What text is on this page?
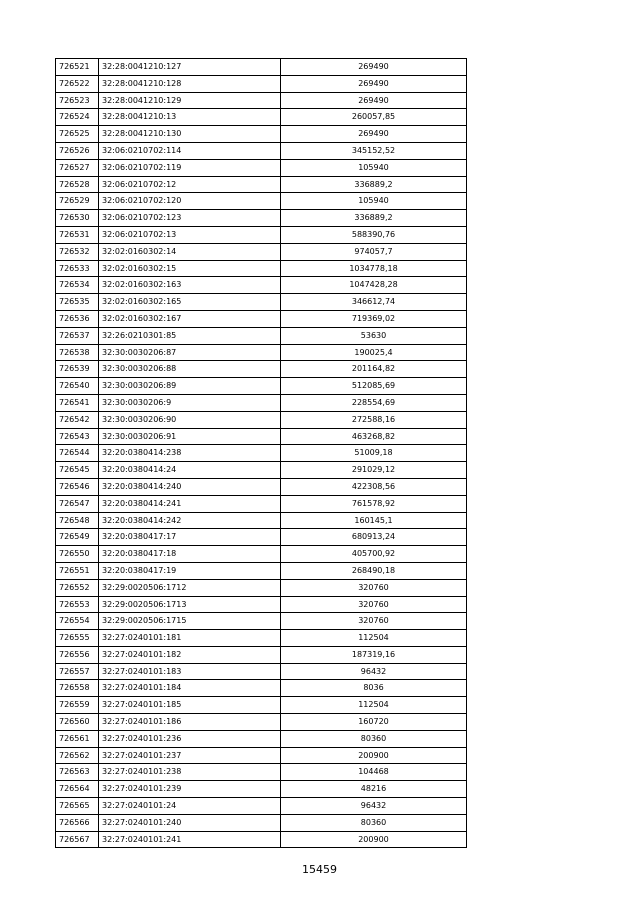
726521	32:28:0041210:127	269490
726522	32:28:0041210:128	269490
726523	32:28:0041210:129	269490
726524	32:28:0041210:13	260057,85
726525	32:28:0041210:130	269490
726526	32:06:0210702:114	345152,52
726527	32:06:0210702:119	105940
726528	32:06:0210702:12	336889,2
726529	32:06:0210702:120	105940
726530	32:06:0210702:123	336889,2
726531	32:06:0210702:13	588390,76
726532	32:02:0160302:14	974057,7
726533	32:02:0160302:15	1034778,18
726534	32:02:0160302:163	1047428,28
726535	32:02:0160302:165	346612,74
726536	32:02:0160302:167	719369,02
726537	32:26:0210301:85	53630
726538	32:30:0030206:87	190025,4
726539	32:30:0030206:88	201164,82
726540	32:30:0030206:89	512085,69
726541	32:30:0030206:9	228554,69
726542	32:30:0030206:90	272588,16
726543	32:30:0030206:91	463268,82
726544	32:20:0380414:238	51009,18
726545	32:20:0380414:24	291029,12
726546	32:20:0380414:240	422308,56
726547	32:20:0380414:241	761578,92
726548	32:20:0380414:242	160145,1
726549	32:20:0380417:17	680913,24
726550	32:20:0380417:18	405700,92
726551	32:20:0380417:19	268490,18
726552	32:29:0020506:1712	320760
726553	32:29:0020506:1713	320760
726554	32:29:0020506:1715	320760
726555	32:27:0240101:181	112504
726556	32:27:0240101:182	187319,16
726557	32:27:0240101:183	96432
726558	32:27:0240101:184	8036
726559	32:27:0240101:185	112504
726560	32:27:0240101:186	160720
726561	32:27:0240101:236	80360
726562	32:27:0240101:237	200900
726563	32:27:0240101:238	104468
726564	32:27:0240101:239	48216
726565	32:27:0240101:24	96432
726566	32:27:0240101:240	80360
726567	32:27:0240101:241	200900
15459
